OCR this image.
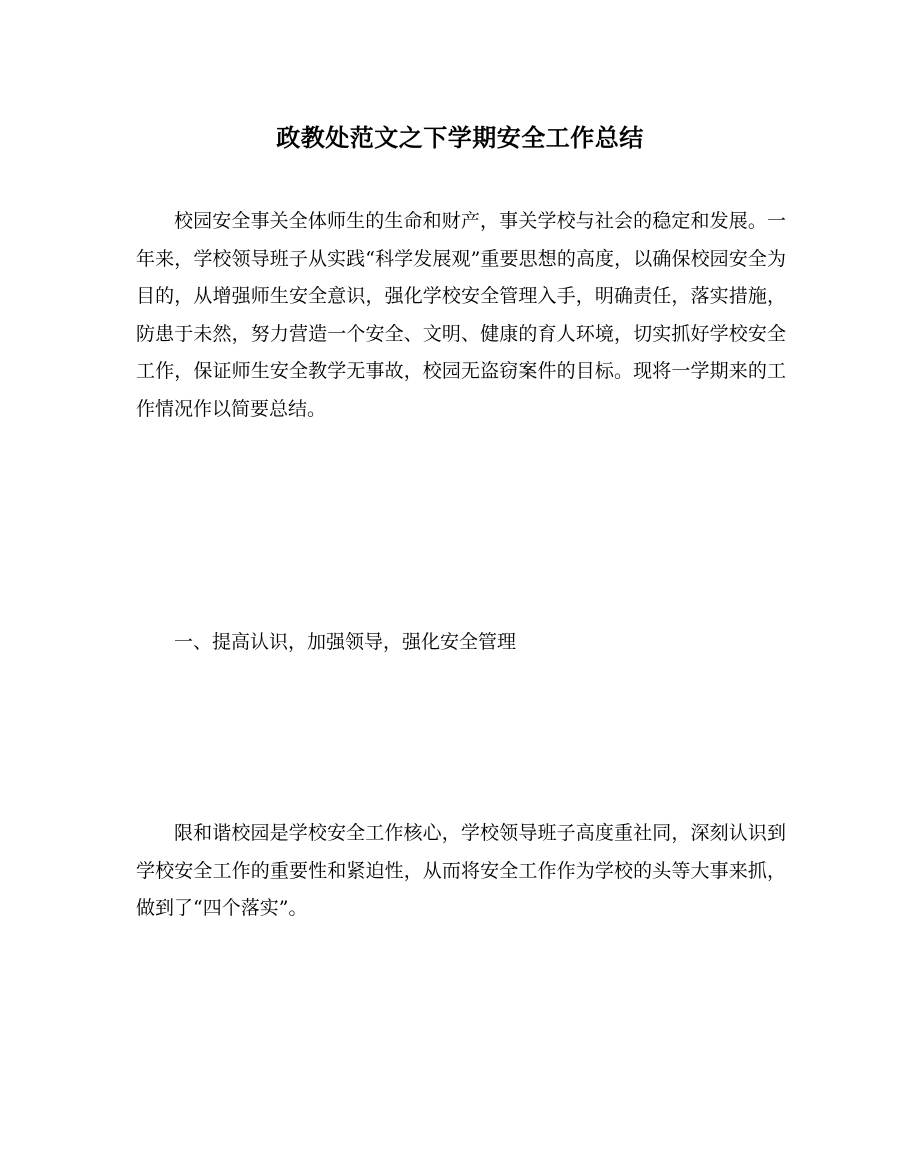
政教处范文之下学期安全工作总结

校园安全事关全体师生的生命和财产，事关学校与社会的稳定和发展。一年来，学校领导班子从实践“科学发展观”重要思想的高度，以确保校园安全为目的，从增强师生安全意识，强化学校安全管理入手，明确责任，落实措施，防患于未然，努力营造一个安全、文明、健康的育人环境，切实抓好学校安全工作，保证师生安全教学无事故，校园无盗窃案件的目标。现将一学期来的工作情况作以简要总结。

一、提高认识，加强领导，强化安全管理

限和谐校园是学校安全工作核心，学校领导班子高度重社同，深刻认识到学校安全工作的重要性和紧迫性，从而将安全工作作为学校的头等大事来抓，做到了“四个落实”。
